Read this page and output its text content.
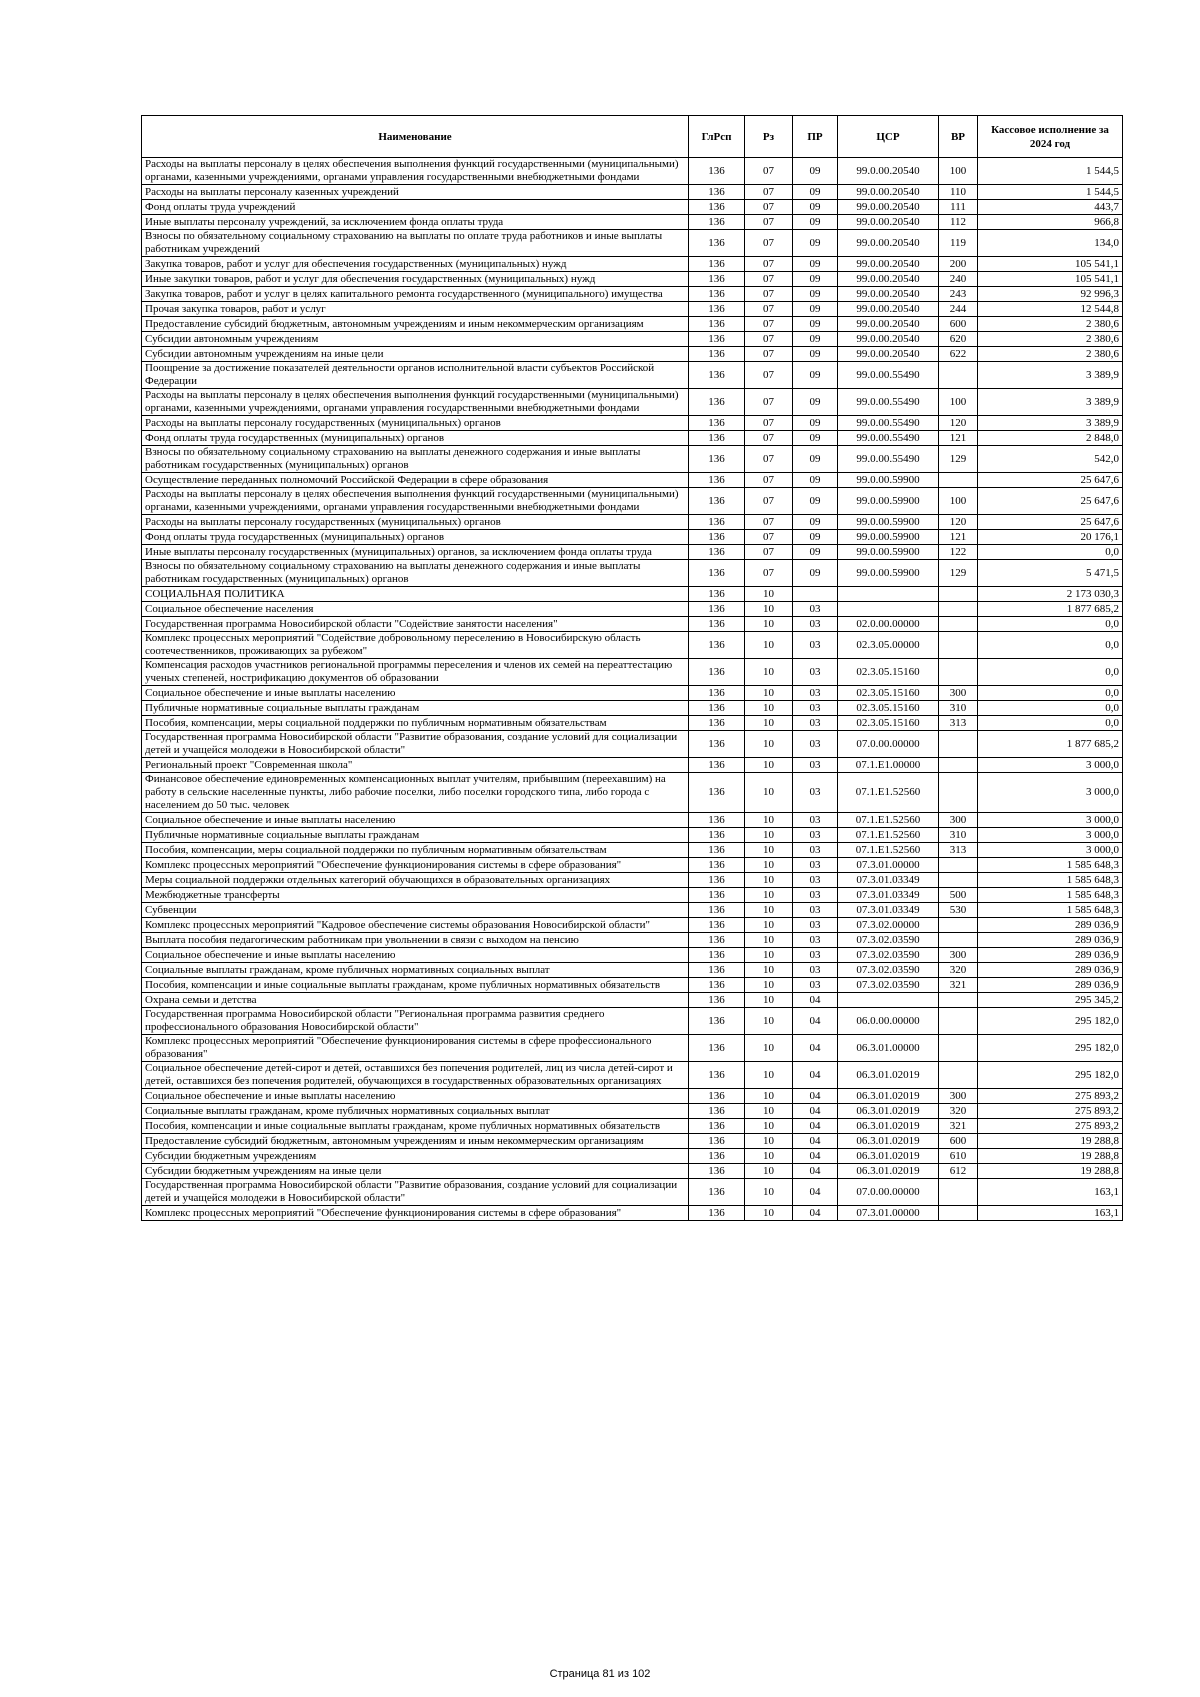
Наименование	ГлРсп	Рз	ПР	ЦСР	ВР	Кассовое исполнение за 2024 год
Расходы на выплаты персоналу в целях обеспечения выполнения функций государственными (муниципальными) органами, казенными учреждениями, органами управления государственными внебюджетными фондами	136	07	09	99.0.00.20540	100	1 544,5
Расходы на выплаты персоналу казенных учреждений	136	07	09	99.0.00.20540	110	1 544,5
Фонд оплаты труда учреждений	136	07	09	99.0.00.20540	111	443,7
Иные выплаты персоналу учреждений, за исключением фонда оплаты труда	136	07	09	99.0.00.20540	112	966,8
Взносы по обязательному социальному страхованию на выплаты по оплате труда работников и иные выплаты работникам учреждений	136	07	09	99.0.00.20540	119	134,0
Закупка товаров, работ и услуг для обеспечения государственных (муниципальных) нужд	136	07	09	99.0.00.20540	200	105 541,1
Иные закупки товаров, работ и услуг для обеспечения государственных (муниципальных) нужд	136	07	09	99.0.00.20540	240	105 541,1
Закупка товаров, работ и услуг в целях капитального ремонта государственного (муниципального) имущества	136	07	09	99.0.00.20540	243	92 996,3
Прочая закупка товаров, работ и услуг	136	07	09	99.0.00.20540	244	12 544,8
Предоставление субсидий бюджетным, автономным учреждениям и иным некоммерческим организациям	136	07	09	99.0.00.20540	600	2 380,6
Субсидии автономным учреждениям	136	07	09	99.0.00.20540	620	2 380,6
Субсидии автономным учреждениям на иные цели	136	07	09	99.0.00.20540	622	2 380,6
Поощрение за достижение показателей деятельности органов исполнительной власти субъектов Российской Федерации	136	07	09	99.0.00.55490		3 389,9
Расходы на выплаты персоналу в целях обеспечения выполнения функций государственными (муниципальными) органами, казенными учреждениями, органами управления государственными внебюджетными фондами	136	07	09	99.0.00.55490	100	3 389,9
Расходы на выплаты персоналу государственных (муниципальных) органов	136	07	09	99.0.00.55490	120	3 389,9
Фонд оплаты труда государственных (муниципальных) органов	136	07	09	99.0.00.55490	121	2 848,0
Взносы по обязательному социальному страхованию на выплаты денежного содержания и иные выплаты работникам государственных (муниципальных) органов	136	07	09	99.0.00.55490	129	542,0
Осуществление переданных полномочий Российской Федерации в сфере образования	136	07	09	99.0.00.59900		25 647,6
Расходы на выплаты персоналу в целях обеспечения выполнения функций государственными (муниципальными) органами, казенными учреждениями, органами управления государственными внебюджетными фондами	136	07	09	99.0.00.59900	100	25 647,6
Расходы на выплаты персоналу государственных (муниципальных) органов	136	07	09	99.0.00.59900	120	25 647,6
Фонд оплаты труда государственных (муниципальных) органов	136	07	09	99.0.00.59900	121	20 176,1
Иные выплаты персоналу государственных (муниципальных) органов, за исключением фонда оплаты труда	136	07	09	99.0.00.59900	122	0,0
Взносы по обязательному социальному страхованию на выплаты денежного содержания и иные выплаты работникам государственных (муниципальных) органов	136	07	09	99.0.00.59900	129	5 471,5
СОЦИАЛЬНАЯ ПОЛИТИКА	136	10				2 173 030,3
Социальное обеспечение населения	136	10	03			1 877 685,2
Государственная программа Новосибирской области "Содействие занятости населения"	136	10	03	02.0.00.00000		0,0
Комплекс процессных мероприятий "Содействие добровольному переселению в Новосибирскую область соотечественников, проживающих за рубежом"	136	10	03	02.3.05.00000		0,0
Компенсация расходов участников региональной программы переселения и членов их семей на переаттестацию ученых степеней, нострификацию документов об образовании	136	10	03	02.3.05.15160		0,0
Социальное обеспечение и иные выплаты населению	136	10	03	02.3.05.15160	300	0,0
Публичные нормативные социальные выплаты гражданам	136	10	03	02.3.05.15160	310	0,0
Пособия, компенсации, меры социальной поддержки по публичным нормативным обязательствам	136	10	03	02.3.05.15160	313	0,0
Государственная программа Новосибирской области "Развитие образования, создание условий для социализации детей и учащейся молодежи в Новосибирской области"	136	10	03	07.0.00.00000		1 877 685,2
Региональный проект "Современная школа"	136	10	03	07.1.E1.00000		3 000,0
Финансовое обеспечение единовременных компенсационных выплат учителям, прибывшим (переехавшим) на работу в сельские населенные пункты, либо рабочие поселки, либо поселки городского типа, либо города с населением до 50 тыс. человек	136	10	03	07.1.E1.52560		3 000,0
Социальное обеспечение и иные выплаты населению	136	10	03	07.1.E1.52560	300	3 000,0
Публичные нормативные социальные выплаты гражданам	136	10	03	07.1.E1.52560	310	3 000,0
Пособия, компенсации, меры социальной поддержки по публичным нормативным обязательствам	136	10	03	07.1.E1.52560	313	3 000,0
Комплекс процессных мероприятий "Обеспечение функционирования системы в сфере образования"	136	10	03	07.3.01.00000		1 585 648,3
Меры социальной поддержки отдельных категорий обучающихся в образовательных организациях	136	10	03	07.3.01.03349		1 585 648,3
Межбюджетные трансферты	136	10	03	07.3.01.03349	500	1 585 648,3
Субвенции	136	10	03	07.3.01.03349	530	1 585 648,3
Комплекс процессных мероприятий "Кадровое обеспечение системы образования Новосибирской области"	136	10	03	07.3.02.00000		289 036,9
Выплата пособия педагогическим работникам при увольнении в связи с выходом на пенсию	136	10	03	07.3.02.03590		289 036,9
Социальное обеспечение и иные выплаты населению	136	10	03	07.3.02.03590	300	289 036,9
Социальные выплаты гражданам, кроме публичных нормативных социальных выплат	136	10	03	07.3.02.03590	320	289 036,9
Пособия, компенсации и иные социальные выплаты гражданам, кроме публичных нормативных обязательств	136	10	03	07.3.02.03590	321	289 036,9
Охрана семьи и детства	136	10	04			295 345,2
Государственная программа Новосибирской области "Региональная программа развития среднего профессионального образования Новосибирской области"	136	10	04	06.0.00.00000		295 182,0
Комплекс процессных мероприятий "Обеспечение функционирования системы в сфере профессионального образования"	136	10	04	06.3.01.00000		295 182,0
Социальное обеспечение детей-сирот и детей, оставшихся без попечения родителей, лиц из числа детей-сирот и детей, оставшихся без попечения родителей, обучающихся в государственных образовательных организациях	136	10	04	06.3.01.02019		295 182,0
Социальное обеспечение и иные выплаты населению	136	10	04	06.3.01.02019	300	275 893,2
Социальные выплаты гражданам, кроме публичных нормативных социальных выплат	136	10	04	06.3.01.02019	320	275 893,2
Пособия, компенсации и иные социальные выплаты гражданам, кроме публичных нормативных обязательств	136	10	04	06.3.01.02019	321	275 893,2
Предоставление субсидий бюджетным, автономным учреждениям и иным некоммерческим организациям	136	10	04	06.3.01.02019	600	19 288,8
Субсидии бюджетным учреждениям	136	10	04	06.3.01.02019	610	19 288,8
Субсидии бюджетным учреждениям на иные цели	136	10	04	06.3.01.02019	612	19 288,8
Государственная программа Новосибирской области "Развитие образования, создание условий для социализации детей и учащейся молодежи в Новосибирской области"	136	10	04	07.0.00.00000		163,1
Комплекс процессных мероприятий "Обеспечение функционирования системы в сфере образования"	136	10	04	07.3.01.00000		163,1
Страница 81 из 102
